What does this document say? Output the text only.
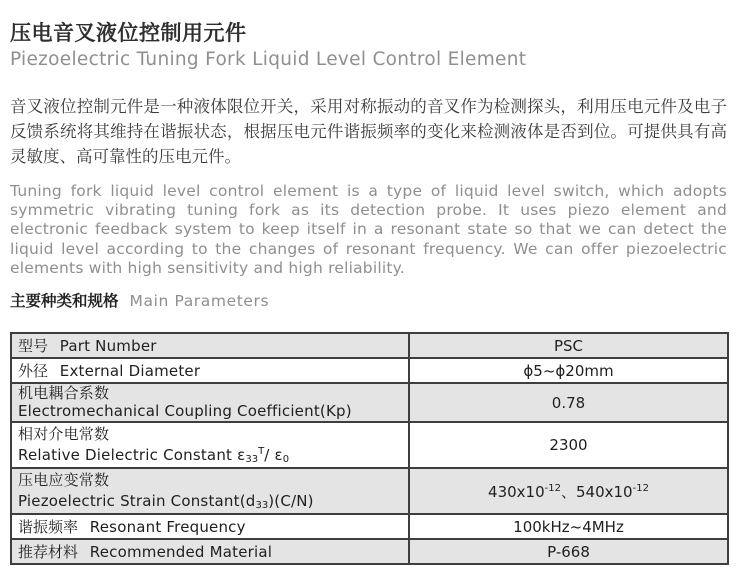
压电音叉液位控制用元件
Piezoelectric Tuning Fork Liquid Level Control Element

音叉液位控制元件是一种液体限位开关，采用对称振动的音叉作为检测探头，利用压电元件及电子反馈系统将其维持在谐振状态，根据压电元件谐振频率的变化来检测液体是否到位。可提供具有高灵敏度、高可靠性的压电元件。

Tuning fork liquid level control element is a type of liquid level switch, which adopts symmetric vibrating tuning fork as its detection probe. It uses piezo element and electronic feedback system to keep itself in a resonant state so that we can detect the liquid level according to the changes of resonant frequency. We can offer piezoelectric elements with high sensitivity and high reliability.

主要种类和规格 Main Parameters
型号 Part Number	PSC
外径 External Diameter	ϕ5~ϕ20mm

机电耦合系数
Electromechanical Coupling Coefficient(Kp)	0.78

相对介电常数
Relative Dielectric Constant $\varepsilon_{33}^T/$ $\varepsilon_0$	2300

压电应变常数
Piezoelectric Strain $Constant(d_{33})(C/N)$	$430x10^{-12}$、$540x10^{-12}$
谐振频率 Resonant Frequency	100kHz~4MHz
推荐材料 Recommended Material	P-668
